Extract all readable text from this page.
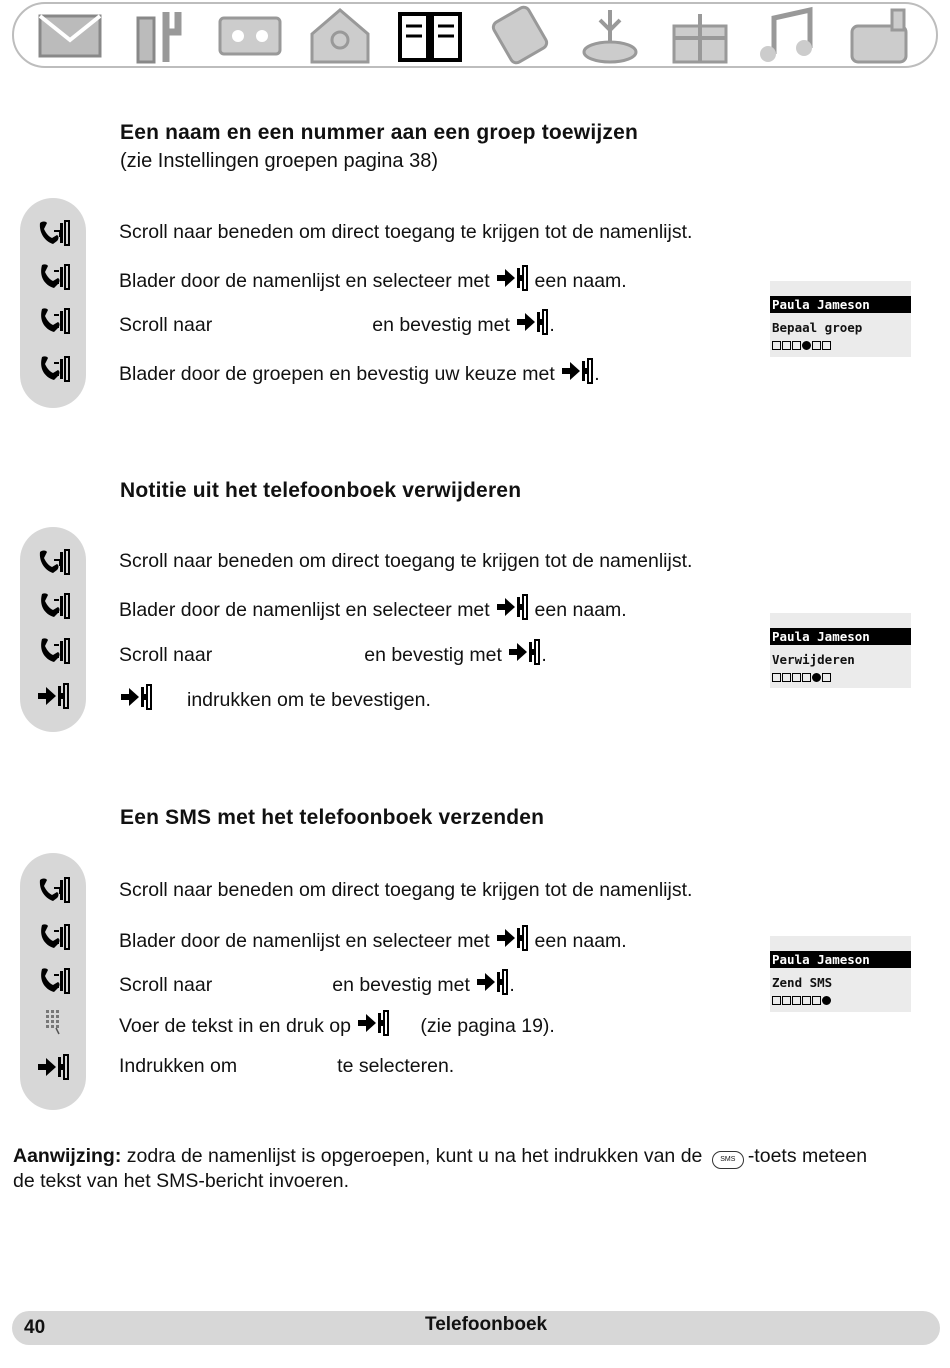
Een naam en een nummer aan een groep toewijzen
(zie Instellingen groepen pagina 38)
Scroll naar beneden om direct toegang te krijgen tot de namenlijst.
Blader door de namenlijst en selecteer met een naam.
Scroll naar	en bevestig met .
Blader door de groepen en bevestig uw keuze met .
Paula Jameson
Bepaal groep
Notitie uit het telefoonboek verwijderen
Scroll naar beneden om direct toegang te krijgen tot de namenlijst.
Blader door de namenlijst en selecteer met een naam.
Scroll naar	en bevestig met .
indrukken om te bevestigen.
Paula Jameson
Verwijderen
Een SMS met het telefoonboek verzenden
Scroll naar beneden om direct toegang te krijgen tot de namenlijst.
Blader door de namenlijst en selecteer met een naam.
Scroll naar	en bevestig met .
Voer de tekst in en druk op	(zie pagina 19).
Indrukken om	te selecteren.
Paula Jameson
Zend SMS
Aanwijzing: zodra de namenlijst is opgeroepen, kunt u na het indrukken van de	SMS -toets meteen de tekst van het SMS-bericht invoeren.
40	Telefoonboek
